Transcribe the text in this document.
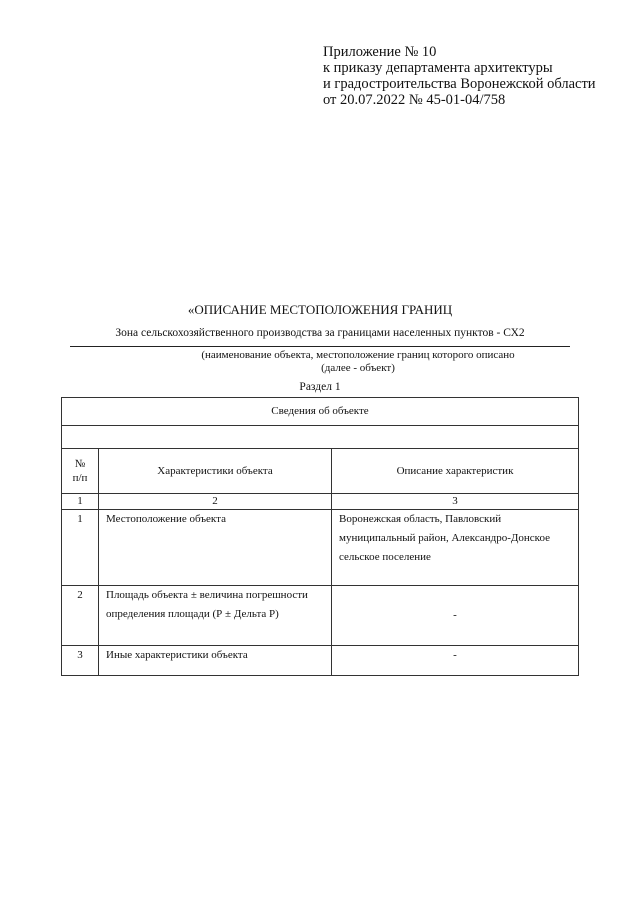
Приложение № 10
к приказу департамента архитектуры
и градостроительства Воронежской области
от 20.07.2022 № 45-01-04/758
«ОПИСАНИЕ МЕСТОПОЛОЖЕНИЯ ГРАНИЦ
Зона сельскохозяйственного производства за границами населенных пунктов - СХ2
(наименование объекта, местоположение границ которого описано
(далее - объект)
Раздел 1
Сведения об объекте		

№ п/п	Характеристики объекта	Описание характеристик
1	2	3
1	Местоположение объекта	Воронежская область, Павловский муниципальный район, Александро-Донское сельское поселение
2	Площадь объекта ± величина погрешности определения площади (Р ± Дельта Р)	-
3	Иные характеристики объекта	-
